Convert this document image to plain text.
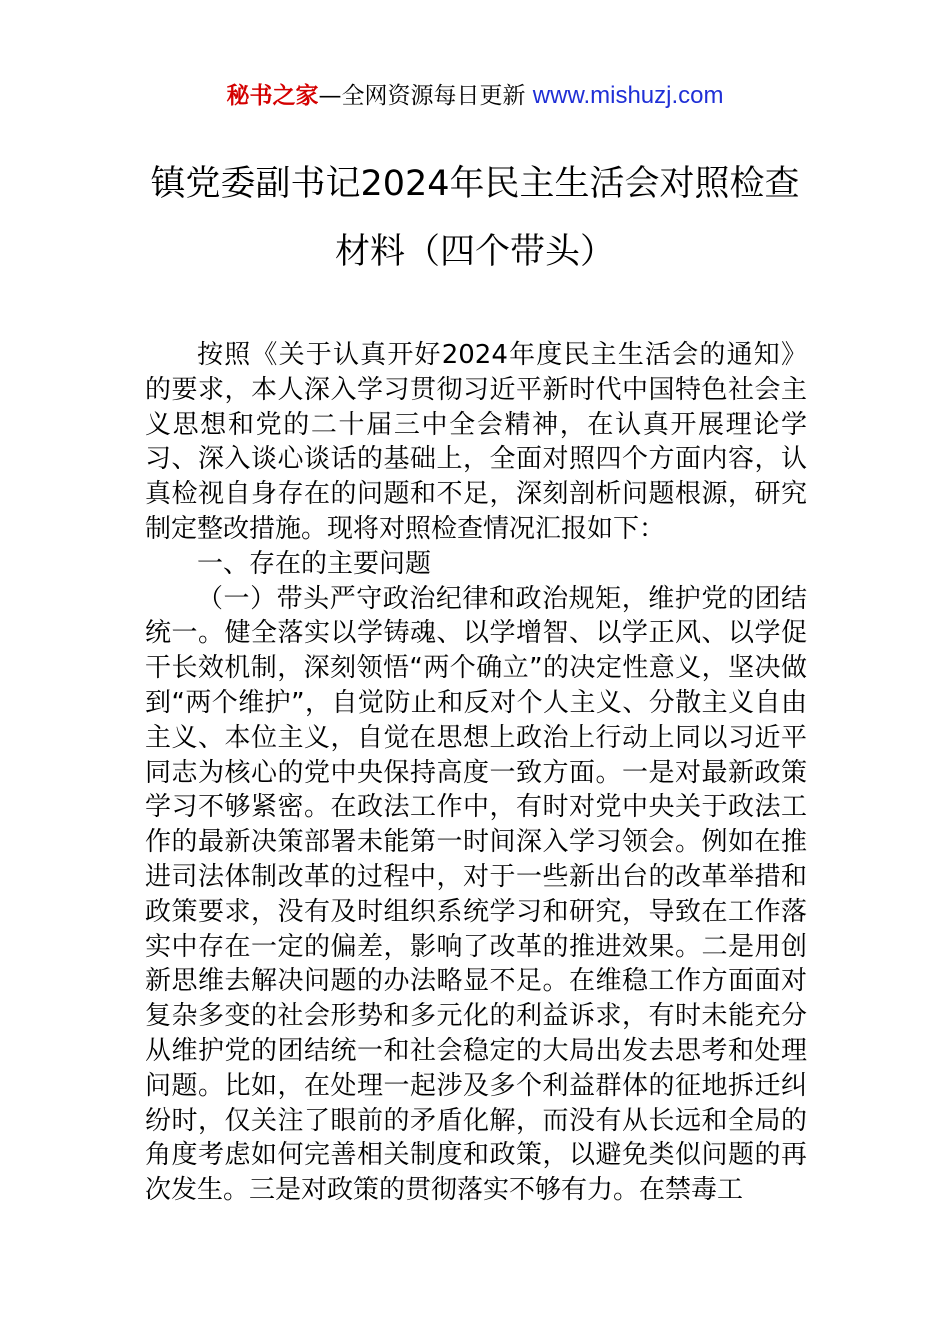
秘书之家—全网资源每日更新 www.mishuzj.com
镇党委副书记2024年民主生活会对照检查
材料（四个带头）

按照《关于认真开好2024年度民主生活会的通知》的要求，本人深入学习贯彻习近平新时代中国特色社会主义思想和党的二十届三中全会精神，在认真开展理论学习、深入谈心谈话的基础上，全面对照四个方面内容，认真检视自身存在的问题和不足，深刻剖析问题根源，研究制定整改措施。现将对照检查情况汇报如下：

一、存在的主要问题

（一）带头严守政治纪律和政治规矩，维护党的团结统一。健全落实以学铸魂、以学增智、以学正风、以学促干长效机制，深刻领悟“两个确立”的决定性意义，坚决做到“两个维护”，自觉防止和反对个人主义、分散主义自由主义、本位主义，自觉在思想上政治上行动上同以习近平同志为核心的党中央保持高度一致方面。一是对最新政策学习不够紧密。在政法工作中，有时对党中央关于政法工作的最新决策部署未能第一时间深入学习领会。例如在推进司法体制改革的过程中，对于一些新出台的改革举措和政策要求，没有及时组织系统学习和研究，导致在工作落实中存在一定的偏差，影响了改革的推进效果。二是用创新思维去解决问题的办法略显不足。在维稳工作方面面对复杂多变的社会形势和多元化的利益诉求，有时未能充分从维护党的团结统一和社会稳定的大局出发去思考和处理问题。比如，在处理一起涉及多个利益群体的征地拆迁纠纷时，仅关注了眼前的矛盾化解，而没有从长远和全局的角度考虑如何完善相关制度和政策，以避免类似问题的再次发生。三是对政策的贯彻落实不够有力。在禁毒工
